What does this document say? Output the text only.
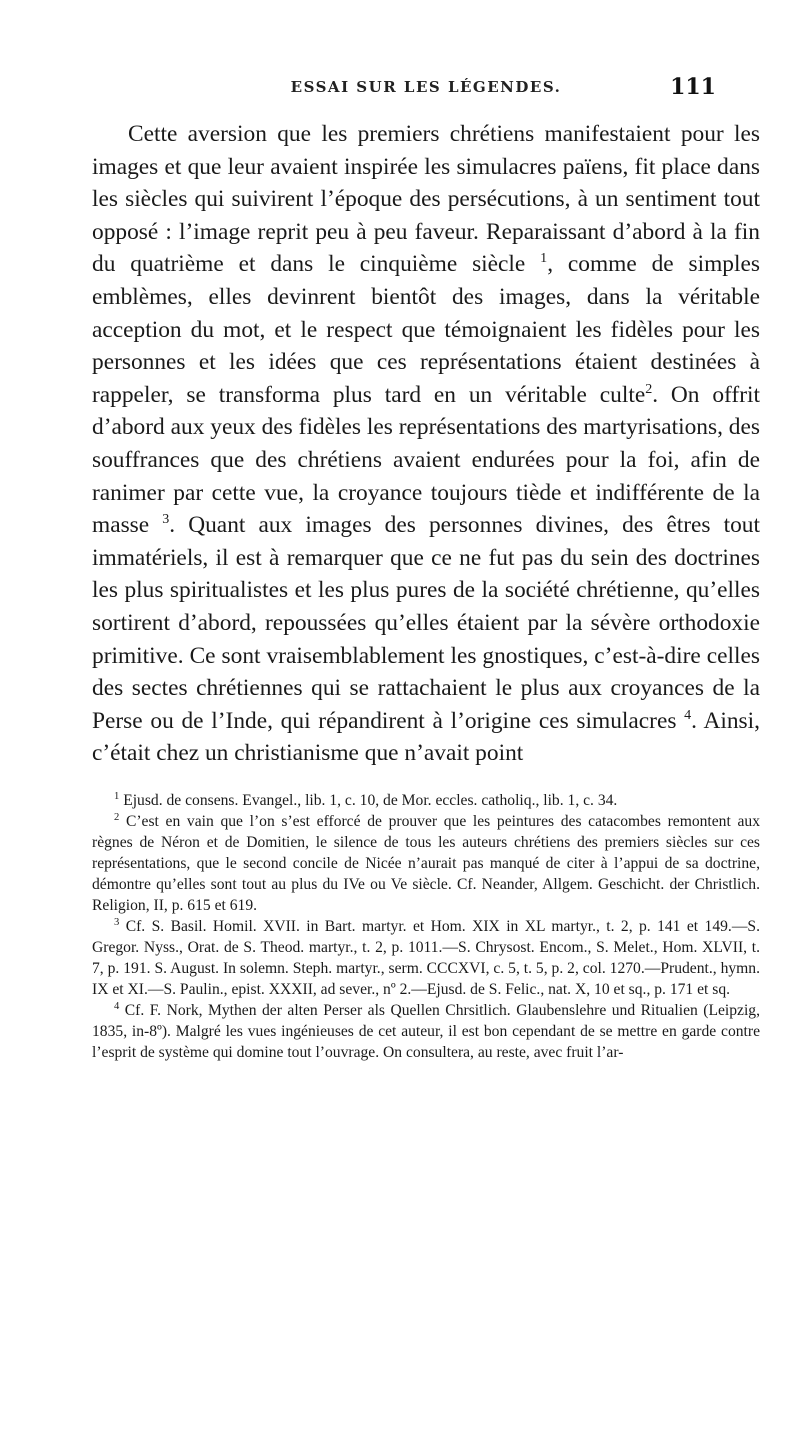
ESSAI SUR LES LÉGENDES.	111

Cette aversion que les premiers chrétiens manifestaient pour les images et que leur avaient inspirée les simulacres païens, fit place dans les siècles qui suivirent l’époque des persécutions, à un sentiment tout opposé : l’image reprit peu à peu faveur. Reparaissant d’abord à la fin du quatrième et dans le cinquième siècle $^1$, comme de simples emblèmes, elles devinrent bientôt des images, dans la véritable acception du mot, et le respect que témoignaient les fidèles pour les personnes et les idées que ces représentations étaient destinées à rappeler, se transforma plus tard en un véritable culte$^2$. On offrit d’abord aux yeux des fidèles les représentations des martyrisations, des souffrances que des chrétiens avaient endurées pour la foi, afin de ranimer par cette vue, la croyance toujours tiède et indifférente de la masse $^3$. Quant aux images des personnes divines, des êtres tout immatériels, il est à remarquer que ce ne fut pas du sein des doctrines les plus spiritualistes et les plus pures de la société chrétienne, qu’elles sortirent d’abord, repoussées qu’elles étaient par la sévère orthodoxie primitive. Ce sont vraisemblablement les gnostiques, c’est-à-dire celles des sectes chrétiennes qui se rattachaient le plus aux croyances de la Perse ou de l’Inde, qui répandirent à l’origine ces simulacres $^4$. Ainsi, c’était chez un christianisme que n’avait point

$^1$ Ejusd. de consens. Evangel., lib. 1, c. 10, de Mor. eccles. catholiq., lib. 1, c. 34.

$^2$ C’est en vain que l’on s’est efforcé de prouver que les peintures des catacombes remontent aux règnes de Néron et de Domitien, le silence de tous les auteurs chrétiens des premiers siècles sur ces représentations, que le second concile de Nicée n’aurait pas manqué de citer à l’appui de sa doctrine, démontre qu’elles sont tout au plus du IVe ou Ve siècle. Cf. Neander, Allgem. Geschicht. der Christlich. Religion, II, p. 615 et 619.

$^3$ Cf. S. Basil. Homil. XVII. in Bart. martyr. et Hom. XIX in XL martyr., t. 2, p. 141 et 149.—S. Gregor. Nyss., Orat. de S. Theod. martyr., t. 2, p. 1011.—S. Chrysost. Encom., S. Melet., Hom. XLVII, t. 7, p. 191. S. August. In solemn. Steph. martyr., serm. CCCXVI, c. 5, t. 5, p. 2, col. 1270.—Prudent., hymn. IX et XI.—S. Paulin., epist. XXXII, ad sever., nº 2.—Ejusd. de S. Felic., nat. X, 10 et sq., p. 171 et sq.

$^4$ Cf. F. Nork, Mythen der alten Perser als Quellen Chrsitlich. Glaubenslehre und Ritualien (Leipzig, 1835, in-8º). Malgré les vues ingénieuses de cet auteur, il est bon cependant de se mettre en garde contre l’esprit de système qui domine tout l’ouvrage. On consultera, au reste, avec fruit l’ar-
